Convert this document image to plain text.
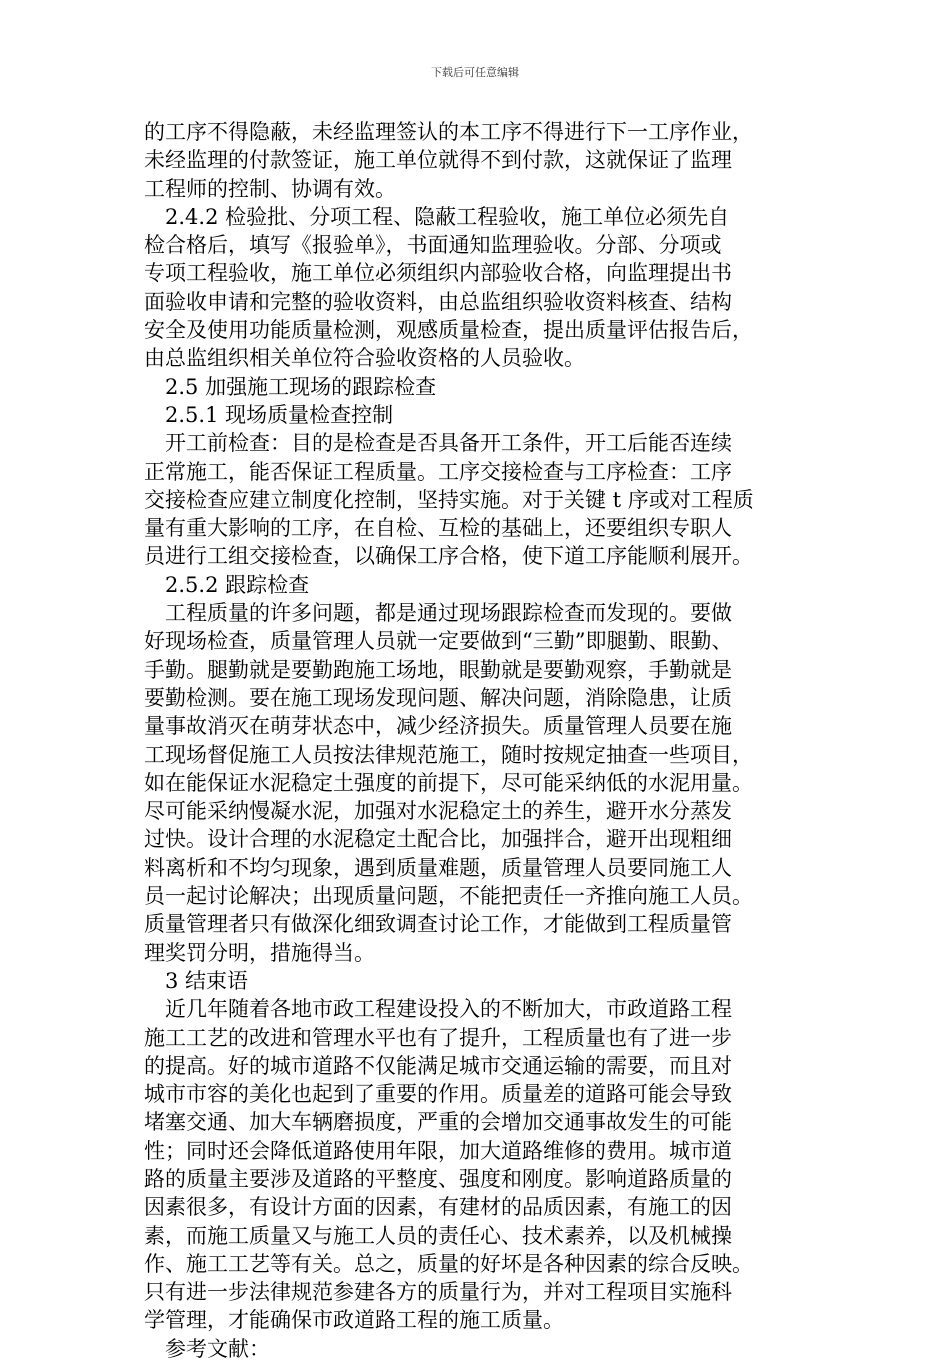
下载后可任意编辑
的工序不得隐蔽，未经监理签认的本工序不得进行下一工序作业，
未经监理的付款签证，施工单位就得不到付款，这就保证了监理
工程师的控制、协调有效。
2.4.2 检验批、分项工程、隐蔽工程验收，施工单位必须先自
检合格后，填写《报验单》，书面通知监理验收。分部、分项或
专项工程验收，施工单位必须组织内部验收合格，向监理提出书
面验收申请和完整的验收资料，由总监组织验收资料核查、结构
安全及使用功能质量检测，观感质量检查，提出质量评估报告后，
由总监组织相关单位符合验收资格的人员验收。
2.5 加强施工现场的跟踪检查
2.5.1 现场质量检查控制
开工前检查：目的是检查是否具备开工条件，开工后能否连续
正常施工，能否保证工程质量。工序交接检查与工序检查：工序
交接检查应建立制度化控制，坚持实施。对于关键 t 序或对工程质
量有重大影响的工序，在自检、互检的基础上，还要组织专职人
员进行工组交接检查，以确保工序合格，使下道工序能顺利展开。
2.5.2 跟踪检查
工程质量的许多问题，都是通过现场跟踪检查而发现的。要做
好现场检查，质量管理人员就一定要做到“三勤”即腿勤、眼勤、
手勤。腿勤就是要勤跑施工场地，眼勤就是要勤观察，手勤就是
要勤检测。要在施工现场发现问题、解决问题，消除隐患，让质
量事故消灭在萌芽状态中，减少经济损失。质量管理人员要在施
工现场督促施工人员按法律规范施工，随时按规定抽查一些项目，
如在能保证水泥稳定土强度的前提下，尽可能采纳低的水泥用量。
尽可能采纳慢凝水泥，加强对水泥稳定土的养生，避开水分蒸发
过快。设计合理的水泥稳定土配合比，加强拌合，避开出现粗细
料离析和不均匀现象，遇到质量难题，质量管理人员要同施工人
员一起讨论解决；出现质量问题，不能把责任一齐推向施工人员。
质量管理者只有做深化细致调查讨论工作，才能做到工程质量管
理奖罚分明，措施得当。
3 结束语
近几年随着各地市政工程建设投入的不断加大，市政道路工程
施工工艺的改进和管理水平也有了提升，工程质量也有了进一步
的提高。好的城市道路不仅能满足城市交通运输的需要，而且对
城市市容的美化也起到了重要的作用。质量差的道路可能会导致
堵塞交通、加大车辆磨损度，严重的会增加交通事故发生的可能
性；同时还会降低道路使用年限，加大道路维修的费用。城市道
路的质量主要涉及道路的平整度、强度和刚度。影响道路质量的
因素很多，有设计方面的因素，有建材的品质因素，有施工的因
素，而施工质量又与施工人员的责任心、技术素养，以及机械操
作、施工工艺等有关。总之，质量的好坏是各种因素的综合反映。
只有进一步法律规范参建各方的质量行为，并对工程项目实施科
学管理，才能确保市政道路工程的施工质量。
参考文献：
